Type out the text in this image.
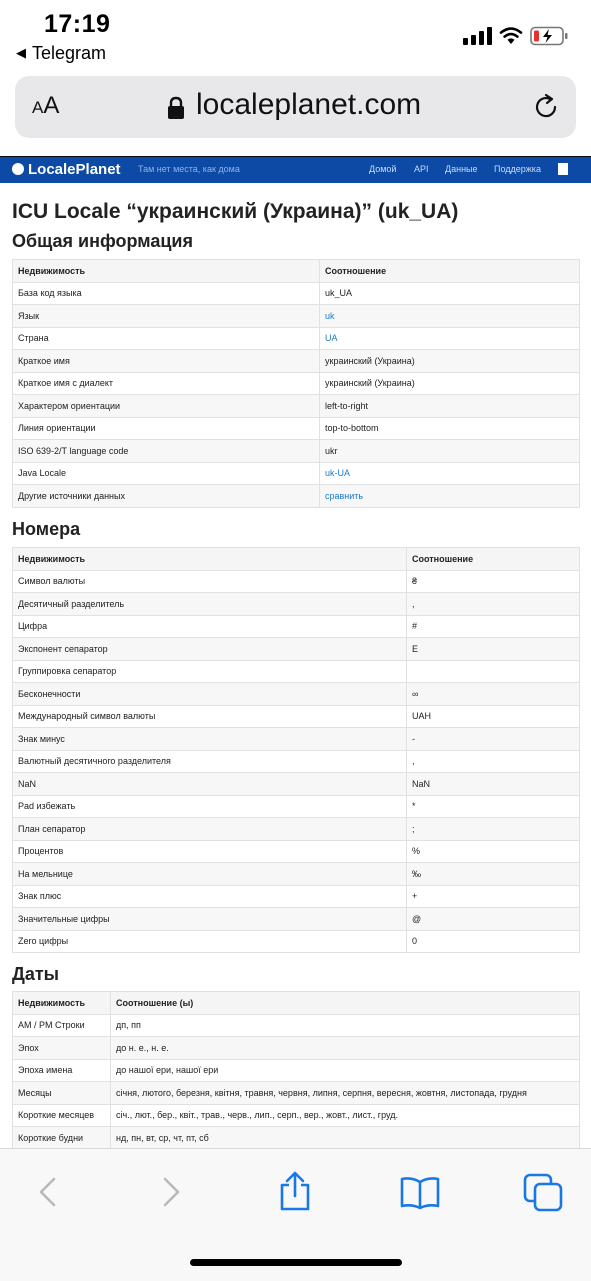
17:19
◀ Telegram
AA	localeplanet.com
LocalePlanet Там нет места, как дома	Домой API Данные Поддержка
ICU Locale “украинский (Украина)” (uk_UA)
Общая информация
Недвижимость	Соотношение
База код языка	uk_UA
Язык	uk
Страна	UA
Краткое имя	украинский (Украина)
Краткое имя с диалект	украинский (Украина)
Характером ориентации	left-to-right
Линия ориентации	top-to-bottom
ISO 639-2/T language code	ukr
Java Locale	uk-UA
Другие источники данных	сравнить
Номера
Недвижимость	Соотношение
Символ валюты	₴
Десятичный разделитель	,
Цифра	#
Экспонент сепаратор	E
Группировка сепаратор	
Бесконечности	∞
Международный символ валюты	UAH
Знак минус	-
Валютный десятичного разделителя	,
NaN	NaN
Pad избежать	*
План сепаратор	;
Процентов	%
На мельнице	‰
Знак плюс	+
Значительные цифры	@
Zero цифры	0
Даты
Недвижимость	Соотношение (ы)
AM / PM Строки	дп, пп
Эпох	до н. е., н. е.
Эпоха имена	до нашої ери, нашої ери
Месяцы	січня, лютого, березня, квітня, травня, червня, липня, серпня, вересня, жовтня, листопада, грудня
Короткие месяцев	січ., лют., бер., квіт., трав., черв., лип., серп., вер., жовт., лист., груд.
Короткие будни	нд, пн, вт, ср, чт, пт, сб
